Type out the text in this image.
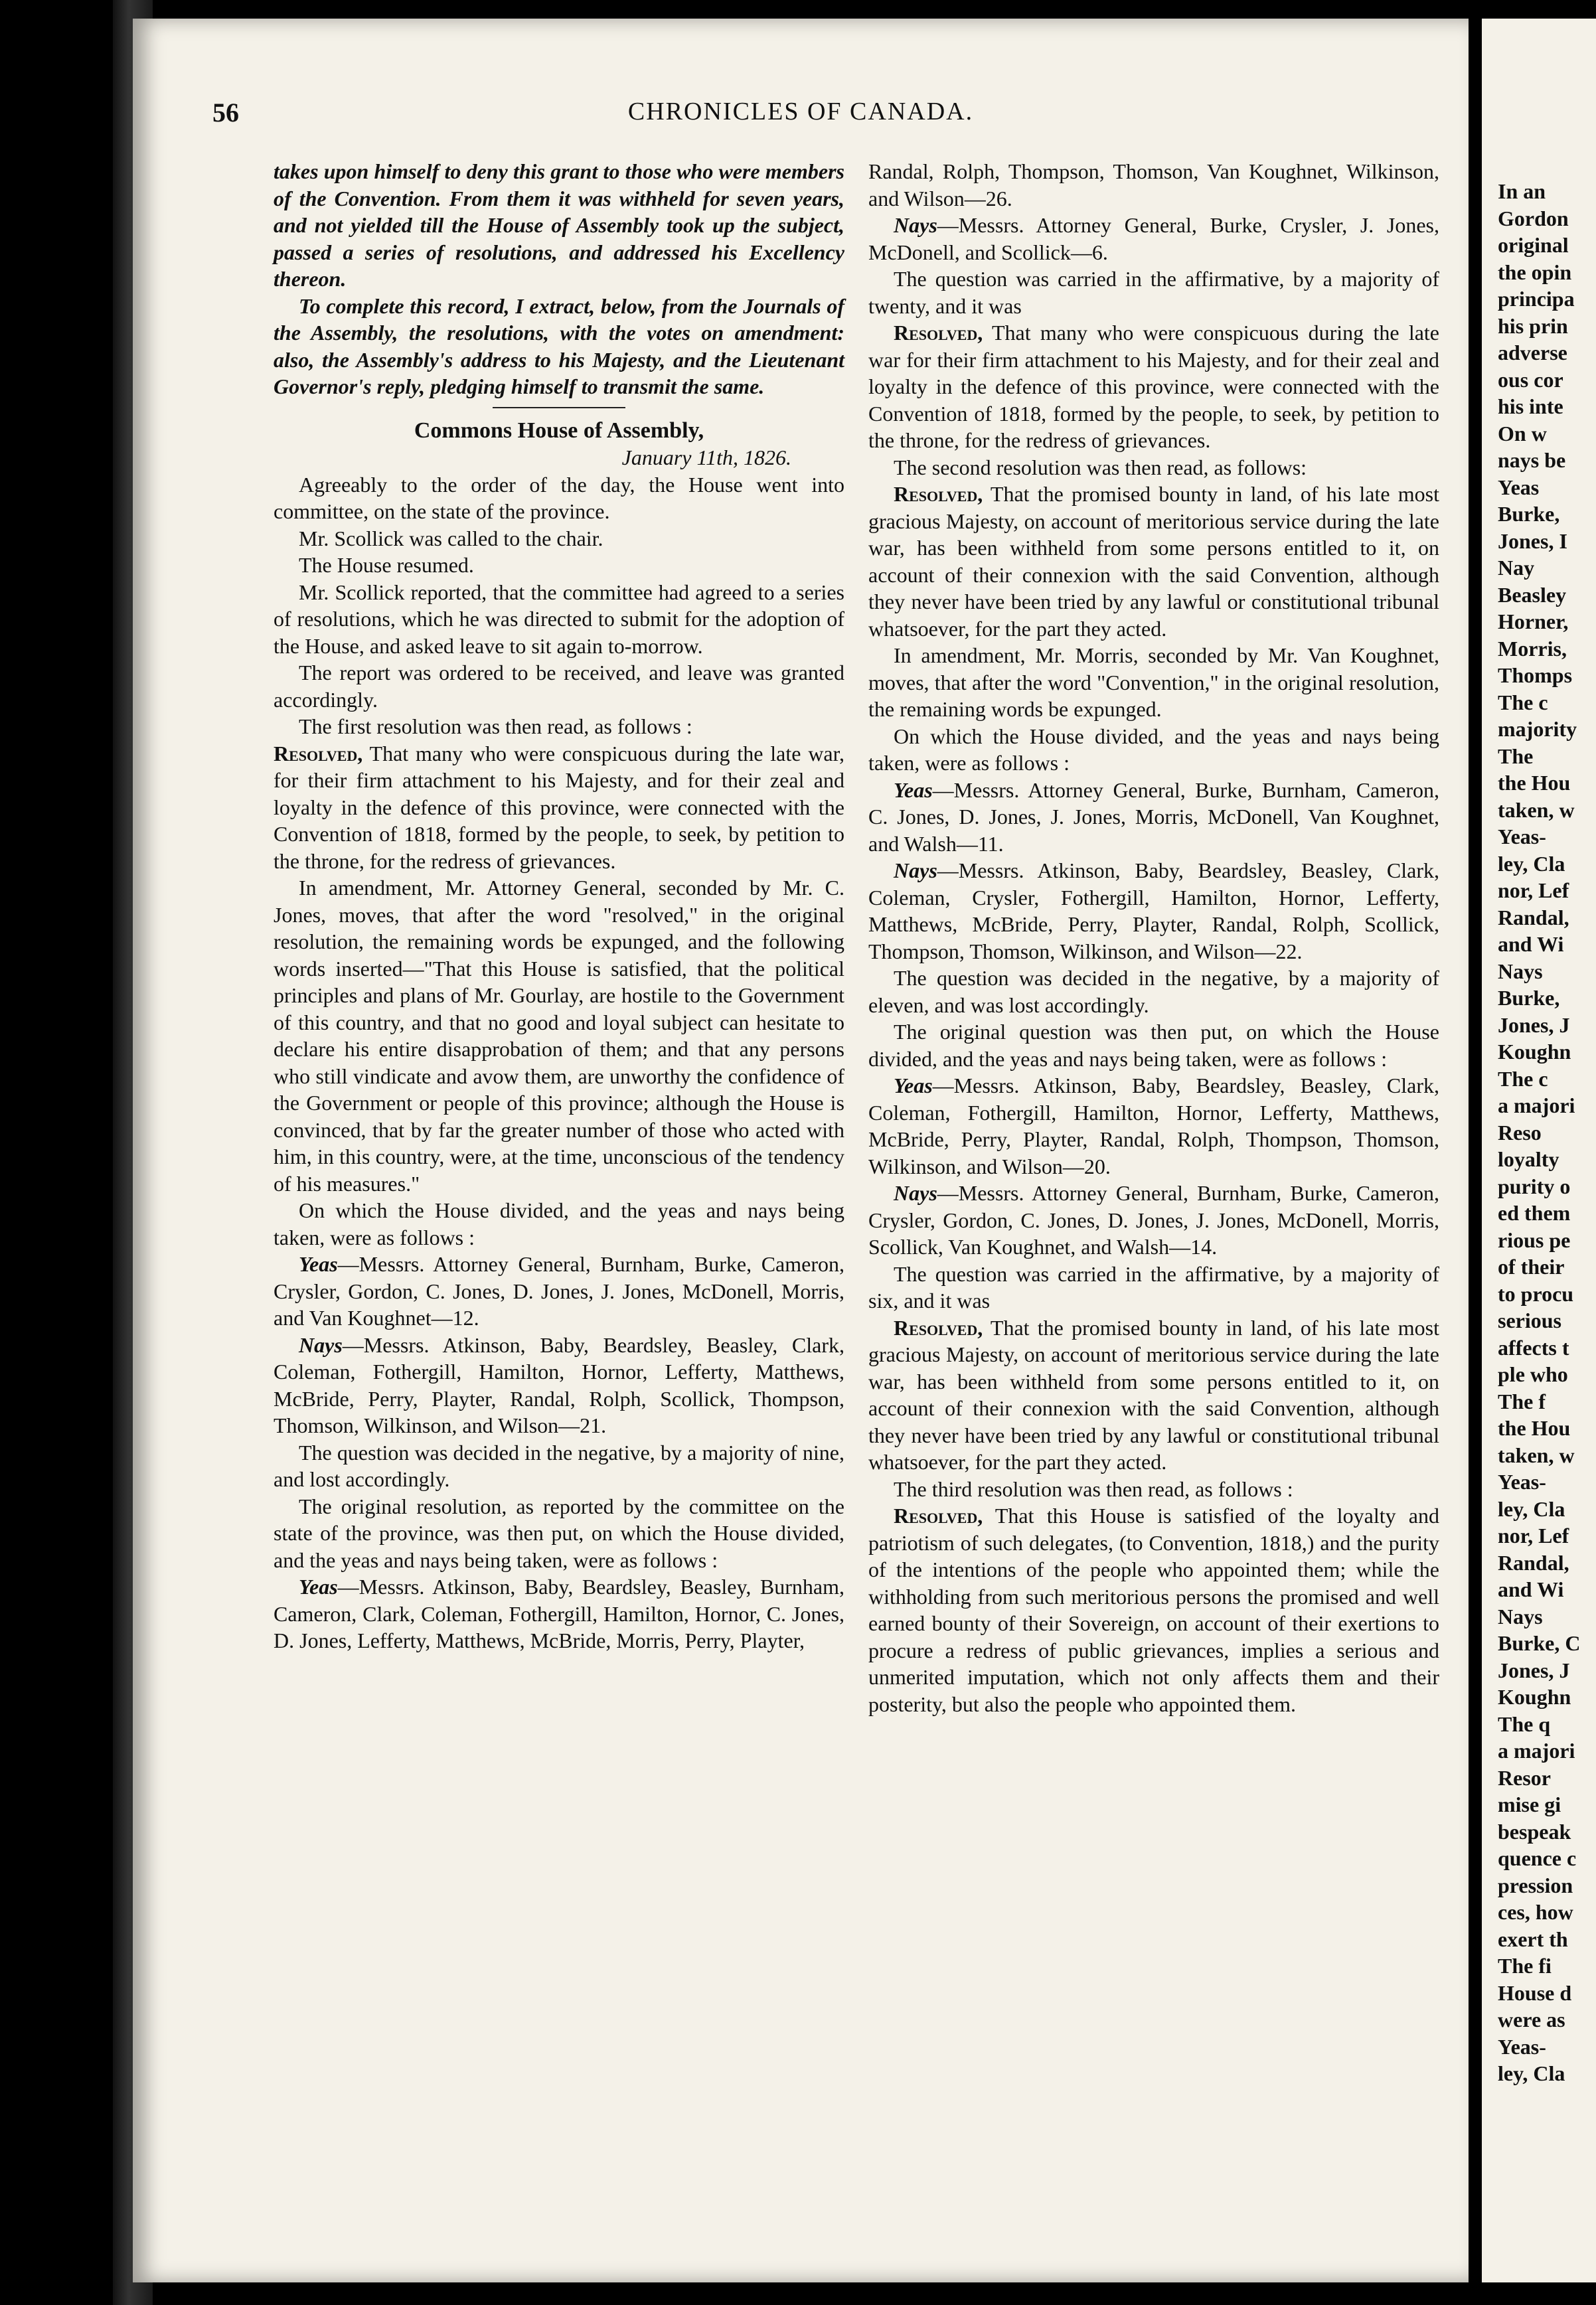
56	CHRONICLES OF CANADA.

takes upon himself to deny this grant to those who were members of the Convention. From them it was withheld for seven years, and not yielded till the House of Assembly took up the subject, passed a series of resolutions, and addressed his Excellency thereon.

To complete this record, I extract, below, from the Journals of the Assembly, the resolutions, with the votes on amendment: also, the Assembly's address to his Majesty, and the Lieutenant Governor's reply, pledging himself to transmit the same.

Commons House of Assembly,

January 11th, 1826.

Agreeably to the order of the day, the House went into committee, on the state of the province.

Mr. Scollick was called to the chair.

The House resumed.

Mr. Scollick reported, that the committee had agreed to a series of resolutions, which he was directed to submit for the adoption of the House, and asked leave to sit again to-morrow.

The report was ordered to be received, and leave was granted accordingly.

The first resolution was then read, as follows :

Resolved, That many who were conspicuous during the late war, for their firm attachment to his Majesty, and for their zeal and loyalty in the defence of this province, were connected with the Convention of 1818, formed by the people, to seek, by petition to the throne, for the redress of grievances.

In amendment, Mr. Attorney General, seconded by Mr. C. Jones, moves, that after the word "resolved," in the original resolution, the remaining words be expunged, and the following words inserted—"That this House is satisfied, that the political principles and plans of Mr. Gourlay, are hostile to the Government of this country, and that no good and loyal subject can hesitate to declare his entire disapprobation of them; and that any persons who still vindicate and avow them, are unworthy the confidence of the Government or people of this province; although the House is convinced, that by far the greater number of those who acted with him, in this country, were, at the time, unconscious of the tendency of his measures."

On which the House divided, and the yeas and nays being taken, were as follows :

Yeas—Messrs. Attorney General, Burnham, Burke, Cameron, Crysler, Gordon, C. Jones, D. Jones, J. Jones, McDonell, Morris, and Van Koughnet—12.

Nays—Messrs. Atkinson, Baby, Beardsley, Beasley, Clark, Coleman, Fothergill, Hamilton, Hornor, Lefferty, Matthews, McBride, Perry, Playter, Randal, Rolph, Scollick, Thompson, Thomson, Wilkinson, and Wilson—21.

The question was decided in the negative, by a majority of nine, and lost accordingly.

The original resolution, as reported by the committee on the state of the province, was then put, on which the House divided, and the yeas and nays being taken, were as follows :

Yeas—Messrs. Atkinson, Baby, Beardsley, Beasley, Burnham, Cameron, Clark, Coleman, Fothergill, Hamilton, Hornor, C. Jones, D. Jones, Lefferty, Matthews, McBride, Morris, Perry, Playter,

Randal, Rolph, Thompson, Thomson, Van Koughnet, Wilkinson, and Wilson—26.

Nays—Messrs. Attorney General, Burke, Crysler, J. Jones, McDonell, and Scollick—6.

The question was carried in the affirmative, by a majority of twenty, and it was

Resolved, That many who were conspicuous during the late war for their firm attachment to his Majesty, and for their zeal and loyalty in the defence of this province, were connected with the Convention of 1818, formed by the people, to seek, by petition to the throne, for the redress of grievances.

The second resolution was then read, as follows:

Resolved, That the promised bounty in land, of his late most gracious Majesty, on account of meritorious service during the late war, has been withheld from some persons entitled to it, on account of their connexion with the said Convention, although they never have been tried by any lawful or constitutional tribunal whatsoever, for the part they acted.

In amendment, Mr. Morris, seconded by Mr. Van Koughnet, moves, that after the word "Convention," in the original resolution, the remaining words be expunged.

On which the House divided, and the yeas and nays being taken, were as follows :

Yeas—Messrs. Attorney General, Burke, Burnham, Cameron, C. Jones, D. Jones, J. Jones, Morris, McDonell, Van Koughnet, and Walsh—11.

Nays—Messrs. Atkinson, Baby, Beardsley, Beasley, Clark, Coleman, Crysler, Fothergill, Hamilton, Hornor, Lefferty, Matthews, McBride, Perry, Playter, Randal, Rolph, Scollick, Thompson, Thomson, Wilkinson, and Wilson—22.

The question was decided in the negative, by a majority of eleven, and was lost accordingly.

The original question was then put, on which the House divided, and the yeas and nays being taken, were as follows :

Yeas—Messrs. Atkinson, Baby, Beardsley, Beasley, Clark, Coleman, Fothergill, Hamilton, Hornor, Lefferty, Matthews, McBride, Perry, Playter, Randal, Rolph, Thompson, Thomson, Wilkinson, and Wilson—20.

Nays—Messrs. Attorney General, Burnham, Burke, Cameron, Crysler, Gordon, C. Jones, D. Jones, J. Jones, McDonell, Morris, Scollick, Van Koughnet, and Walsh—14.

The question was carried in the affirmative, by a majority of six, and it was

Resolved, That the promised bounty in land, of his late most gracious Majesty, on account of meritorious service during the late war, has been withheld from some persons entitled to it, on account of their connexion with the said Convention, although they never have been tried by any lawful or constitutional tribunal whatsoever, for the part they acted.

The third resolution was then read, as follows :

Resolved, That this House is satisfied of the loyalty and patriotism of such delegates, (to Convention, 1818,) and the purity of the intentions of the people who appointed them; while the withholding from such meritorious persons the promised and well earned bounty of their Sovereign, on account of their exertions to procure a redress of public grievances, implies a serious and unmerited imputation, which not only affects them and their posterity, but also the people who appointed them.

In an
Gordon
original
the opin
principa
his prin
adverse
ous cor
his inte
On w
nays be
Yeas
Burke,
Jones, I
Nay
Beasley
Horner,
Morris,
Thomps
The c
majority
The
the Hou
taken, w
Yeas-
ley, Cla
nor, Lef
Randal,
and Wi
Nays
Burke,
Jones, J
Koughn
The c
a majori
Reso
loyalty
purity o
ed them
rious pe
of their
to procu
serious
affects t
ple who
The f
the Hou
taken, w
Yeas-
ley, Cla
nor, Lef
Randal,
and Wi
Nays
Burke, C
Jones, J
Koughn
The q
a majori
Resor
mise gi
bespeak
quence c
pression
ces, how
exert th
The fi
House d
were as
Yeas-
ley, Cla
